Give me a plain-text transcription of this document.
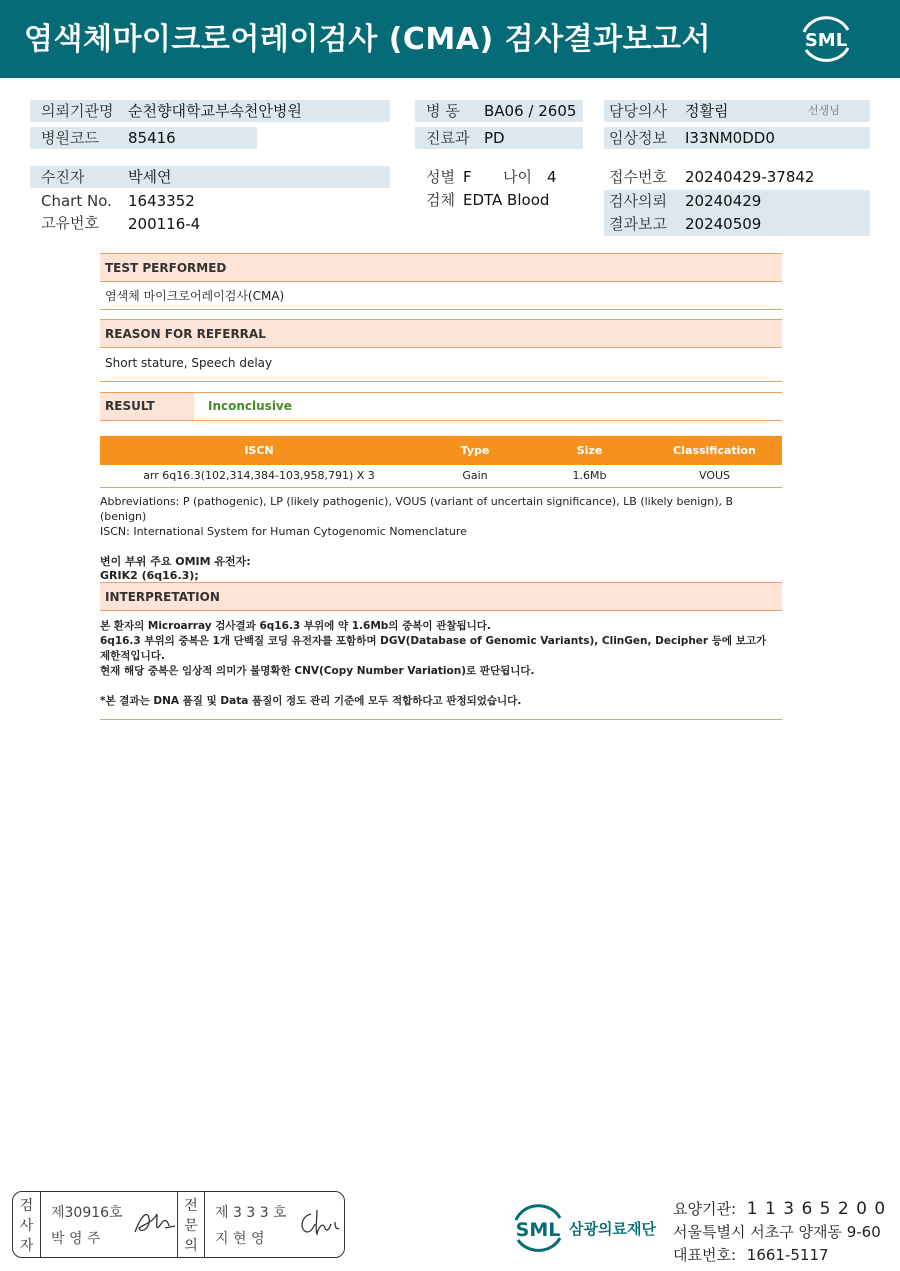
염색체마이크로어레이검사 (CMA) 검사결과보고서	SML
의뢰기관명 순천향대학교부속천안병원
병원코드 85416
병 동 BA06 / 2605
진료과 PD
담당의사 정활림	선생님
임상정보 I33NM0DD0
수진자	박세연
Chart No. 1643352
고유번호 200116-4
성별 F 나이 4
검체 EDTA Blood
접수번호 20240429-37842
검사의뢰 20240429
결과보고 20240509
TEST PERFORMED
염색체 마이크로어레이검사(CMA)
REASON FOR REFERRAL
Short stature, Speech delay
RESULT	Inconclusive
ISCN	Type	Size	Classification
arr 6q16.3(102,314,384-103,958,791) X 3	Gain	1.6Mb	VOUS
Abbreviations: P (pathogenic), LP (likely pathogenic), VOUS (variant of uncertain significance), LB (likely benign), B (benign)
ISCN: International System for Human Cytogenomic Nomenclature
변이 부위 주요 OMIM 유전자:
GRIK2 (6q16.3);
INTERPRETATION
본 환자의 Microarray 검사결과 6q16.3 부위에 약 1.6Mb의 중복이 관찰됩니다.
6q16.3 부위의 중복은 1개 단백질 코딩 유전자를 포함하며 DGV(Database of Genomic Variants), ClinGen, Decipher 등에 보고가
제한적입니다.
현재 해당 중복은 임상적 의미가 불명확한 CNV(Copy Number Variation)로 판단됩니다.
*본 결과는 DNA 품질 및 Data 품질이 정도 관리 기준에 모두 적합하다고 판정되었습니다.
검
사
자
제30916호
박 영 주
전
문
의
제 3 3 3 호
지 현 영	SML 삼광의료재단
요양기관: 1 1 3 6 5 2 0 0
서울특별시 서초구 양재동 9-60
대표번호: 1661-5117
